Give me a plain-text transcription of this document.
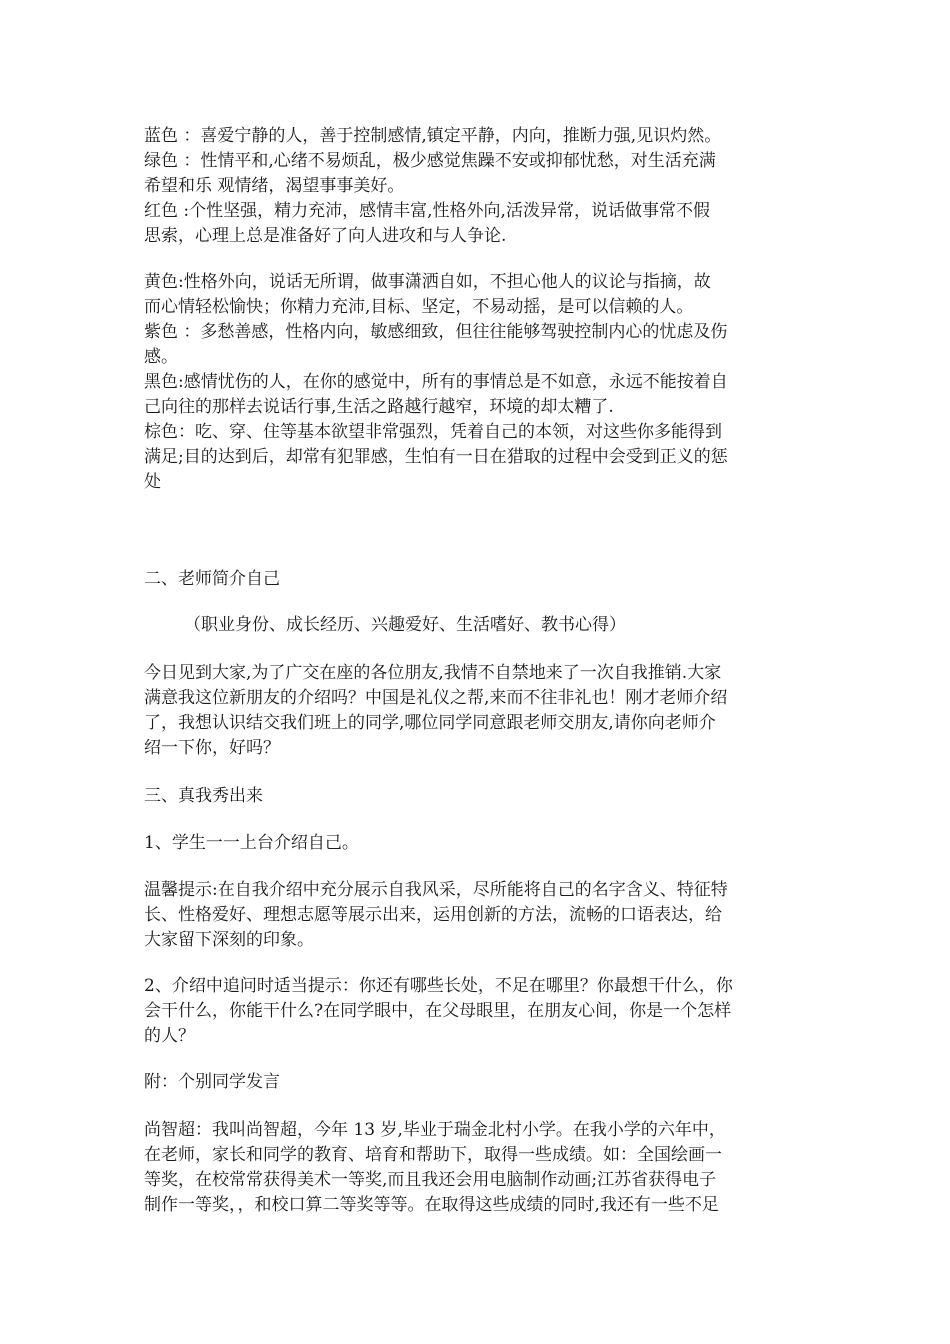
蓝色 ：喜爱宁静的人，善于控制感情,镇定平静，内向，推断力强,见识灼然。
绿色 ：性情平和,心绪不易烦乱，极少感觉焦躁不安或抑郁忧愁，对生活充满
希望和乐 观情绪，渴望事事美好。
红色 :个性坚强，精力充沛，感情丰富,性格外向,活泼异常，说话做事常不假
思索，心理上总是准备好了向人进攻和与人争论.
黄色:性格外向，说话无所谓，做事潇洒自如，不担心他人的议论与指摘，故
而心情轻松愉快；你精力充沛,目标、坚定，不易动摇，是可以信赖的人。
紫色 ：多愁善感，性格内向，敏感细致，但往往能够驾驶控制内心的忧虑及伤
感。
黑色:感情忧伤的人，在你的感觉中，所有的事情总是不如意，永远不能按着自
己向往的那样去说话行事,生活之路越行越窄，环境的却太糟了.
棕色：吃、穿、住等基本欲望非常强烈，凭着自己的本领，对这些你多能得到
满足;目的达到后，却常有犯罪感，生怕有一日在猎取的过程中会受到正义的惩
处
二、老师简介自己
（职业身份、成长经历、兴趣爱好、生活嗜好、教书心得）
今日见到大家,为了广交在座的各位朋友,我情不自禁地来了一次自我推销.大家
满意我这位新朋友的介绍吗？中国是礼仪之帮,来而不往非礼也！刚才老师介绍
了，我想认识结交我们班上的同学,哪位同学同意跟老师交朋友,请你向老师介
绍一下你，好吗？
三、真我秀出来
1、学生一一上台介绍自己。
温馨提示:在自我介绍中充分展示自我风采，尽所能将自己的名字含义、特征特
长、性格爱好、理想志愿等展示出来，运用创新的方法，流畅的口语表达，给
大家留下深刻的印象。
2、介绍中追问时适当提示：你还有哪些长处，不足在哪里？你最想干什么，你
会干什么，你能干什么?在同学眼中，在父母眼里，在朋友心间，你是一个怎样
的人？
附：个别同学发言
尚智超：我叫尚智超，今年 13 岁,毕业于瑞金北村小学。在我小学的六年中，
在老师，家长和同学的教育、培育和帮助下，取得一些成绩。如：全国绘画一
等奖，在校常常获得美术一等奖,而且我还会用电脑制作动画;江苏省获得电子
制作一等奖，，和校口算二等奖等等。在取得这些成绩的同时,我还有一些不足
